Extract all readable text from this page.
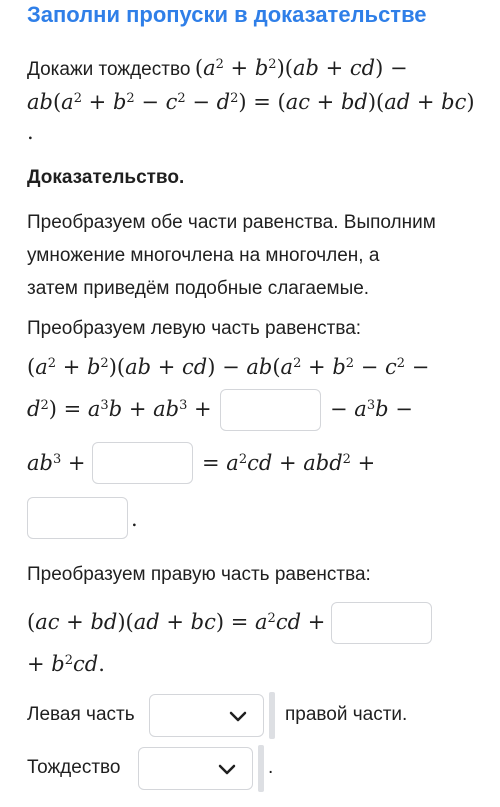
Заполни пропуски в доказательстве
Докажи тождество $(a^2 + b^2)(ab + cd)$ −
$ab(a^2 + b^2 - c^2 - d^2) = (ac + bd)(ad + bc)$
.
Доказательство.
Преобразуем обе части равенства. Выполним
умножение многочлена на многочлен, а
затем приведём подобные слагаемые.
Преобразуем левую часть равенства:
$(a^2 + b^2)(ab + cd) - ab(a^2 + b^2 - c^2$ −
$d^2) = a^3b + ab^3$ +	− $a^3b$ −
$ab^3$ +	= $a^2cd + abd^2$ +
.
Преобразуем правую часть равенства:
$(ac + bd)(ad + bc) = a^2cd$ +
+ $b^2cd$.
Левая часть	правой части.
Тождество	.
